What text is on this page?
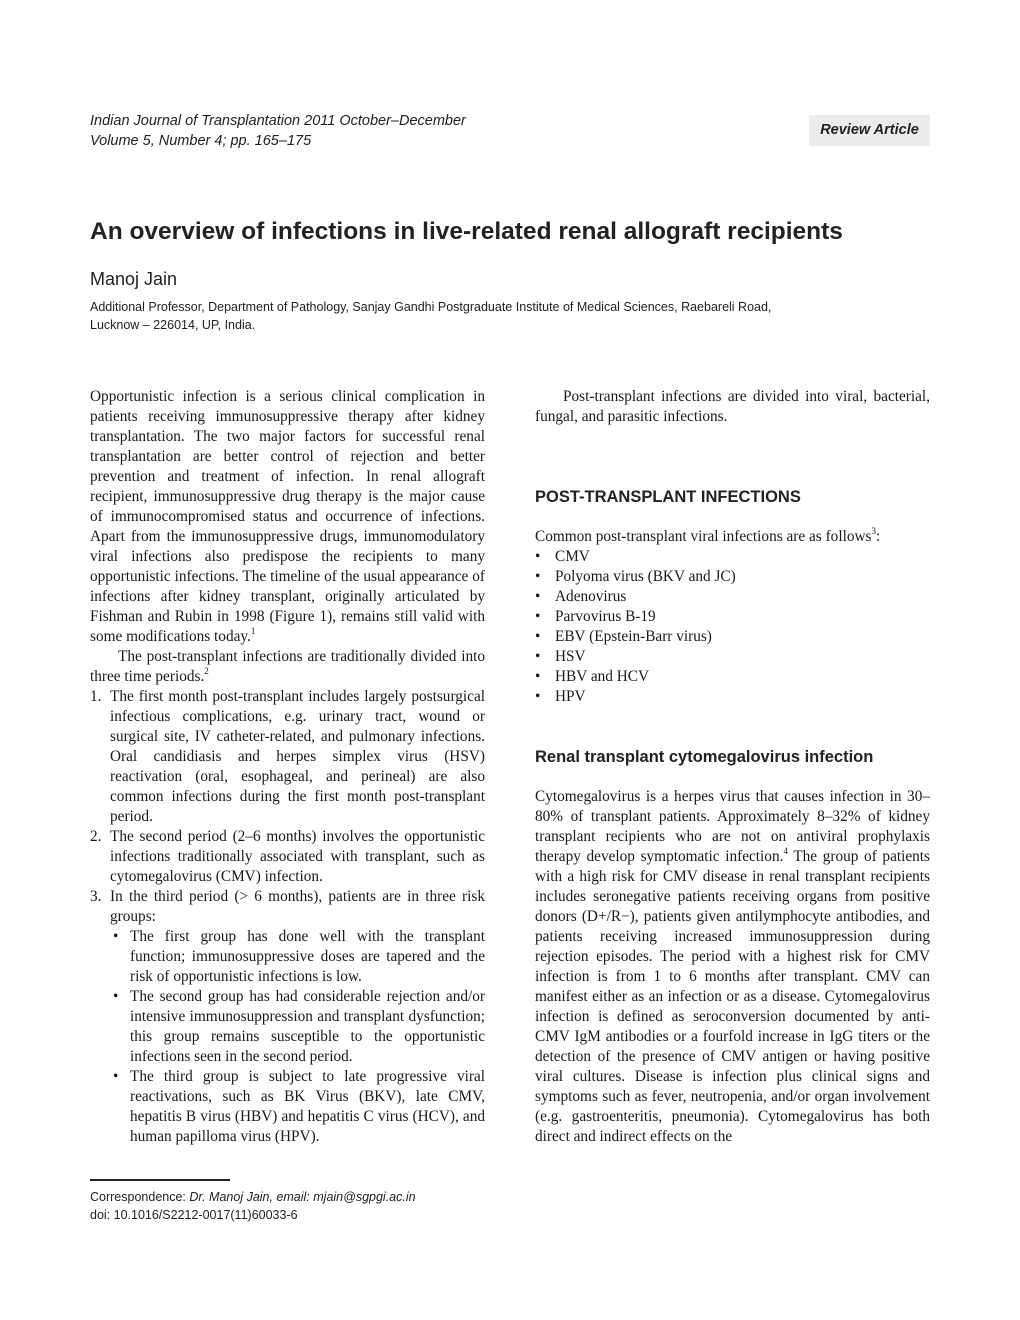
Indian Journal of Transplantation 2011 October–December
Volume 5, Number 4; pp. 165–175
Review Article
An overview of infections in live-related renal allograft recipients
Manoj Jain
Additional Professor, Department of Pathology, Sanjay Gandhi Postgraduate Institute of Medical Sciences, Raebareli Road,
Lucknow – 226014, UP, India.

Opportunistic infection is a serious clinical complication in patients receiving immunosuppressive therapy after kidney transplantation. The two major factors for successful renal transplantation are better control of rejection and better prevention and treatment of infection. In renal allograft recipient, immunosuppressive drug therapy is the major cause of immunocompromised status and occurrence of infections. Apart from the immunosuppressive drugs, immunomodulatory viral infections also predispose the recipients to many opportunistic infections. The timeline of the usual appearance of infections after kidney transplant, originally articulated by Fishman and Rubin in 1998 (Figure 1), remains still valid with some modifications today.$^1$

The post-transplant infections are traditionally divided into three time periods.$^2$

1. The first month post-transplant includes largely postsurgical infectious complications, e.g. urinary tract, wound or surgical site, IV catheter-related, and pulmonary infections. Oral candidiasis and herpes simplex virus (HSV) reactivation (oral, esophageal, and perineal) are also common infections during the first month post-transplant period.
2. The second period (2–6 months) involves the opportunistic infections traditionally associated with transplant, such as cytomegalovirus (CMV) infection.
3. In the third period (> 6 months), patients are in three risk groups:
• The first group has done well with the transplant function; immunosuppressive doses are tapered and the risk of opportunistic infections is low.
• The second group has had considerable rejection and/or intensive immunosuppression and transplant dysfunction; this group remains susceptible to the opportunistic infections seen in the second period.
• The third group is subject to late progressive viral reactivations, such as BK Virus (BKV), late CMV, hepatitis B virus (HBV) and hepatitis C virus (HCV), and human papilloma virus (HPV).

Post-transplant infections are divided into viral, bacterial, fungal, and parasitic infections.

POST-TRANSPLANT INFECTIONS

Common post-transplant viral infections are as follows$^3$:

• CMV
• Polyoma virus (BKV and JC)
• Adenovirus
• Parvovirus B-19
• EBV (Epstein-Barr virus)
• HSV
• HBV and HCV
• HPV
Renal transplant cytomegalovirus infection

Cytomegalovirus is a herpes virus that causes infection in 30–80% of transplant patients. Approximately 8–32% of kidney transplant recipients who are not on antiviral prophylaxis therapy develop symptomatic infection.$^4$ The group of patients with a high risk for CMV disease in renal transplant recipients includes seronegative patients receiving organs from positive donors (D+/R−), patients given antilymphocyte antibodies, and patients receiving increased immunosuppression during rejection episodes. The period with a highest risk for CMV infection is from 1 to 6 months after transplant. CMV can manifest either as an infection or as a disease. Cytomegalovirus infection is defined as seroconversion documented by anti-CMV IgM antibodies or a fourfold increase in IgG titers or the detection of the presence of CMV antigen or having positive viral cultures. Disease is infection plus clinical signs and symptoms such as fever, neutropenia, and/or organ involvement (e.g. gastroenteritis, pneumonia). Cytomegalovirus has both direct and indirect effects on the

Correspondence: Dr. Manoj Jain, email: mjain@sgpgi.ac.in
doi: 10.1016/S2212-0017(11)60033-6
